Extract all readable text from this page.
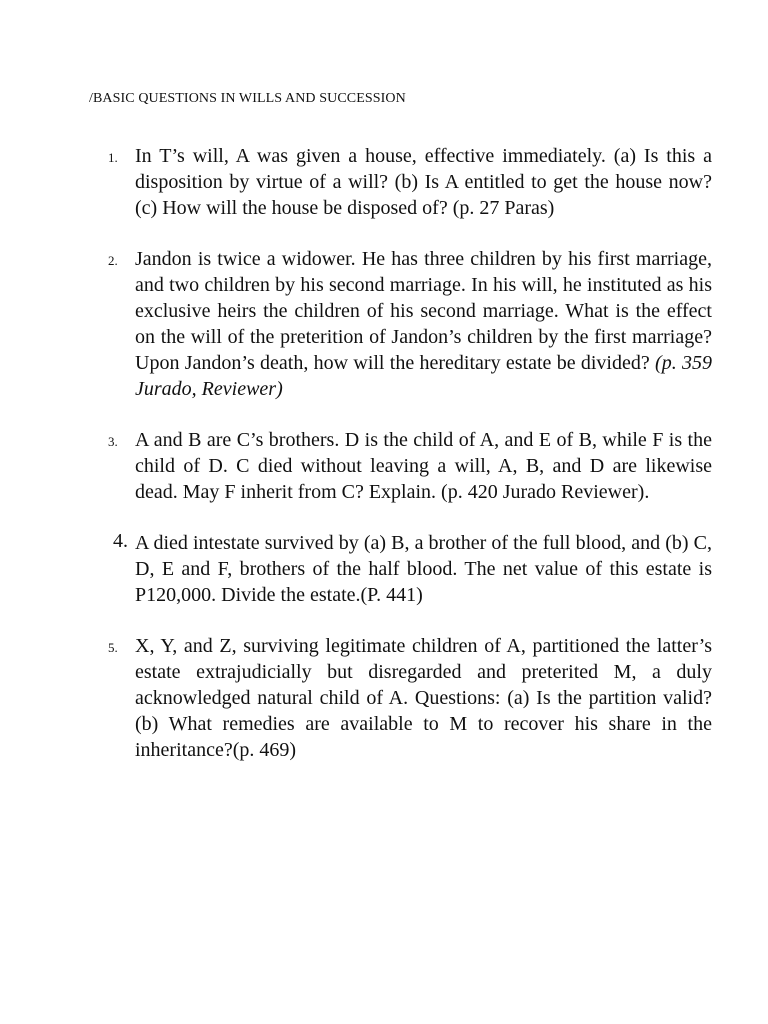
/BASIC QUESTIONS IN WILLS AND SUCCESSION
1. In T’s will, A was given a house, effective immediately. (a) Is this a disposition by virtue of a will? (b) Is A entitled to get the house now? (c) How will the house be disposed of? (p. 27 Paras)
2. Jandon is twice a widower. He has three children by his first marriage, and two children by his second marriage. In his will, he instituted as his exclusive heirs the children of his second marriage. What is the effect on the will of the preterition of Jandon’s children by the first marriage? Upon Jandon’s death, how will the hereditary estate be divided? (p. 359 Jurado, Reviewer)
3. A and B are C’s brothers. D is the child of A, and E of B, while F is the child of D. C died without leaving a will, A, B, and D are likewise dead. May F inherit from C? Explain. (p. 420 Jurado Reviewer).
4. A died intestate survived by (a) B, a brother of the full blood, and (b) C, D, E and F, brothers of the half blood. The net value of this estate is P120,000. Divide the estate.(P. 441)
5. X, Y, and Z, surviving legitimate children of A, partitioned the latter’s estate extrajudicially but disregarded and preterited M, a duly acknowledged natural child of A. Questions: (a) Is the partition valid? (b) What remedies are available to M to recover his share in the inheritance?(p. 469)
